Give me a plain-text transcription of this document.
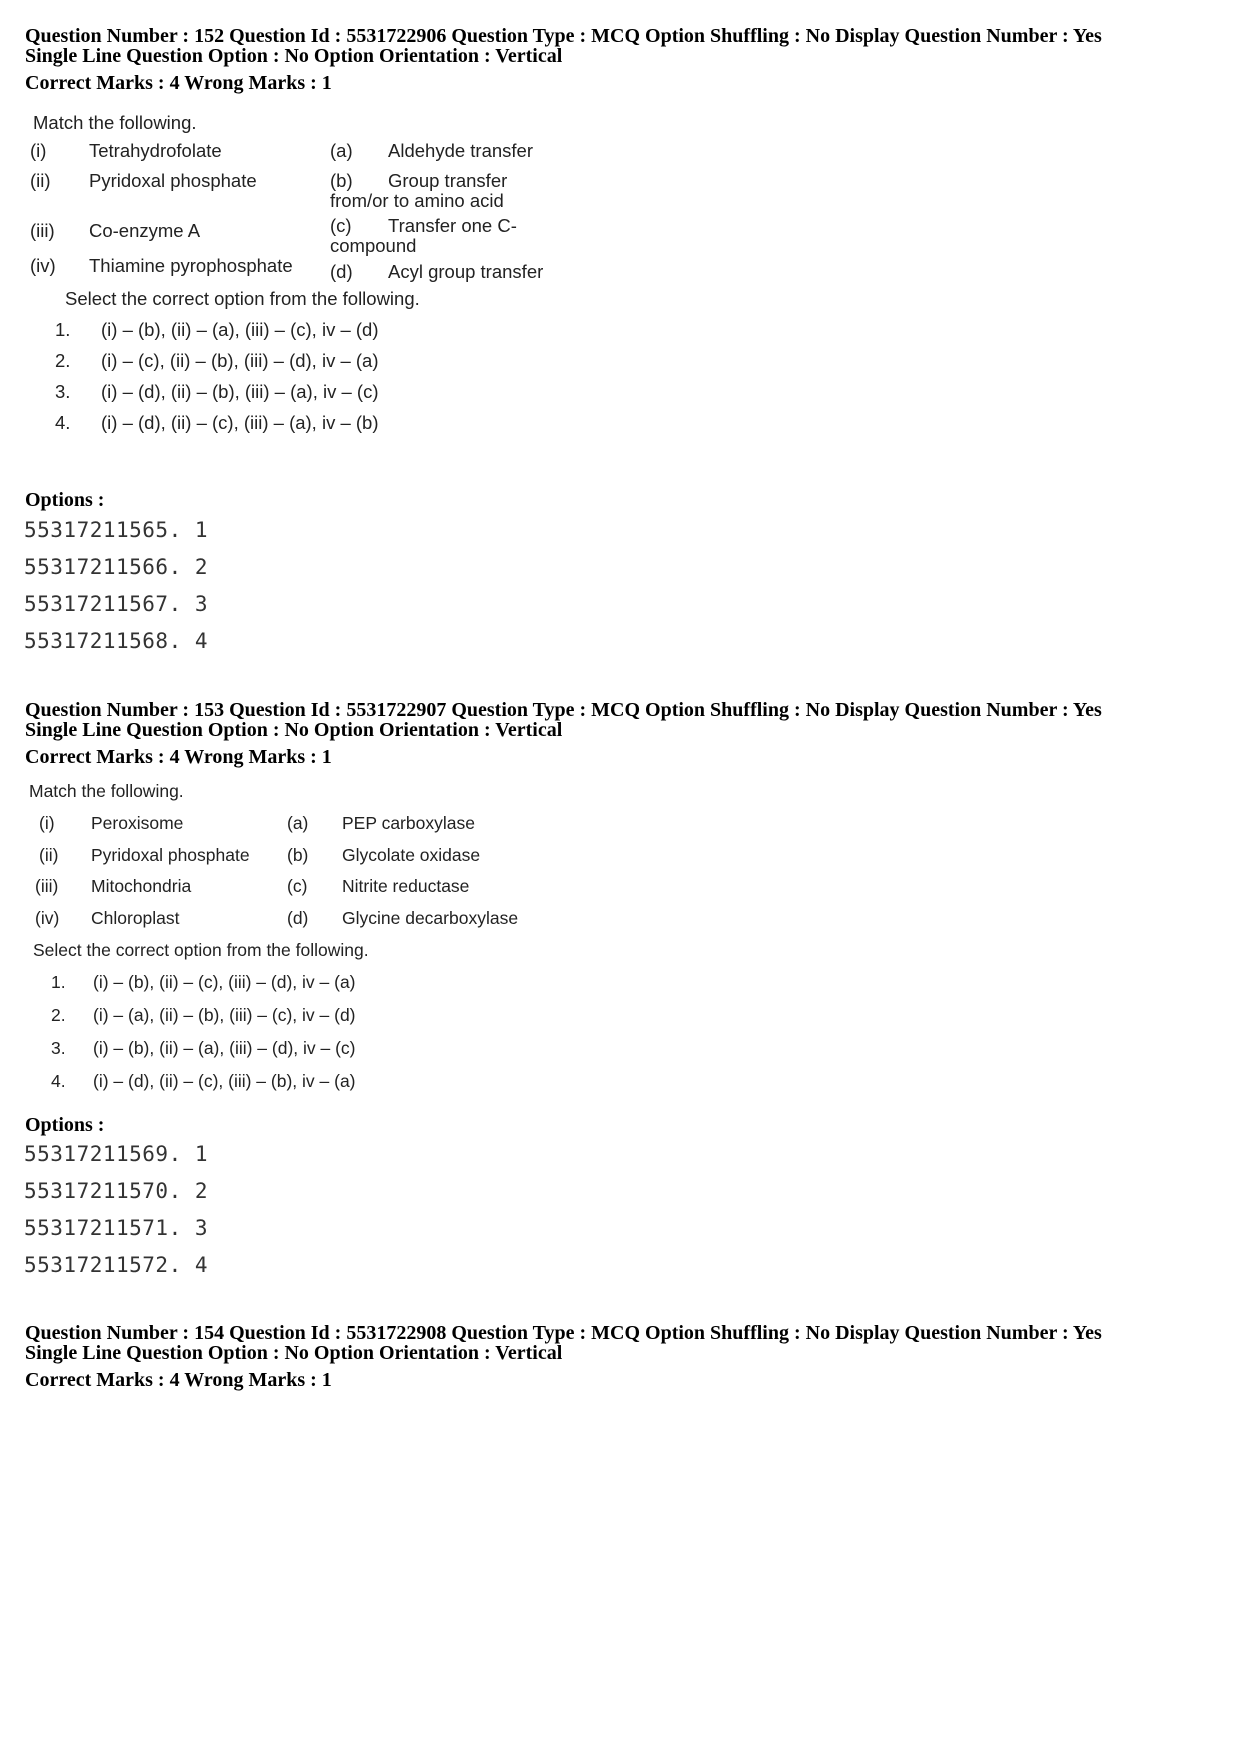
Question Number : 152 Question Id : 5531722906 Question Type : MCQ Option Shuffling : No Display Question Number : Yes

Single Line Question Option : No Option Orientation : Vertical

Correct Marks : 4 Wrong Marks : 1

Match the following.
(i) Tetrahydrofolate	(a) Aldehyde transfer
(ii) Pyridoxal phosphate	(b) Group transfer
from/or to amino acid
(iii) Co-enzyme A	(c) Transfer one C-
compound
(iv) Thiamine pyrophosphate (d) Acyl group transfer
Select the correct option from the following.
1. (i) – (b), (ii) – (a), (iii) – (c), iv – (d)
2. (i) – (c), (ii) – (b), (iii) – (d), iv – (a)
3. (i) – (d), (ii) – (b), (iii) – (a), iv – (c)
4. (i) – (d), (ii) – (c), (iii) – (a), iv – (b)
Options :
55317211565. 1
55317211566. 2
55317211567. 3
55317211568. 4

Question Number : 153 Question Id : 5531722907 Question Type : MCQ Option Shuffling : No Display Question Number : Yes

Single Line Question Option : No Option Orientation : Vertical

Correct Marks : 4 Wrong Marks : 1

Match the following.
(i) Peroxisome	(a) PEP carboxylase
(ii) Pyridoxal phosphate (b) Glycolate oxidase
(iii) Mitochondria	(c) Nitrite reductase
(iv) Chloroplast	(d) Glycine decarboxylase
Select the correct option from the following.
1. (i) – (b), (ii) – (c), (iii) – (d), iv – (a)
2. (i) – (a), (ii) – (b), (iii) – (c), iv – (d)
3. (i) – (b), (ii) – (a), (iii) – (d), iv – (c)
4. (i) – (d), (ii) – (c), (iii) – (b), iv – (a)
Options :
55317211569. 1
55317211570. 2
55317211571. 3
55317211572. 4

Question Number : 154 Question Id : 5531722908 Question Type : MCQ Option Shuffling : No Display Question Number : Yes

Single Line Question Option : No Option Orientation : Vertical

Correct Marks : 4 Wrong Marks : 1
